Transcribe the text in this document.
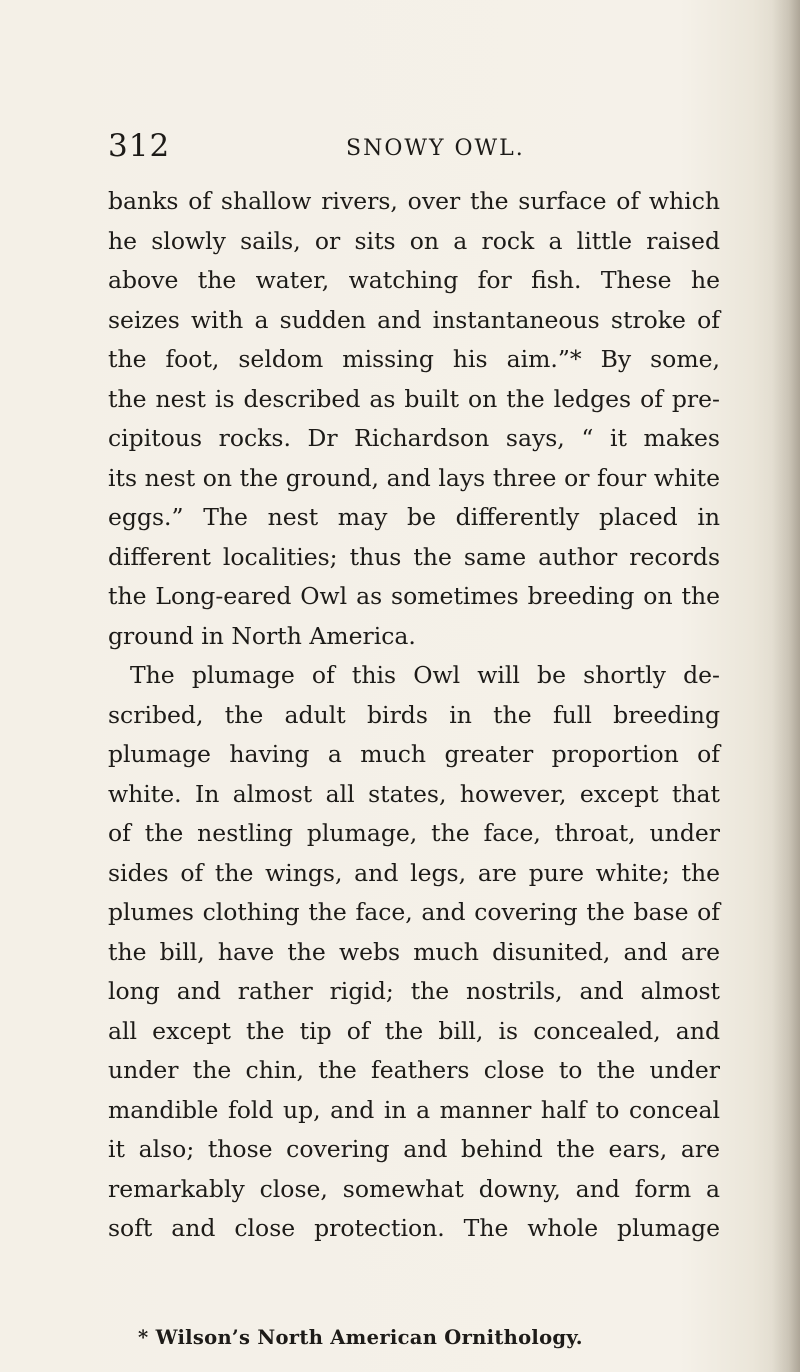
312	SNOWY OWL.
banks of shallow rivers, over the surface of which
he slowly sails, or sits on a rock a little raised
above the water, watching for fish. These he
seizes with a sudden and instantaneous stroke of
the foot, seldom missing his aim.”* By some,
the nest is described as built on the ledges of pre-
cipitous rocks. Dr Richardson says, “ it makes
its nest on the ground, and lays three or four white
eggs.” The nest may be differently placed in
different localities; thus the same author records
the Long-eared Owl as sometimes breeding on the
ground in North America.
The plumage of this Owl will be shortly de-
scribed, the adult birds in the full breeding
plumage having a much greater proportion of
white. In almost all states, however, except that
of the nestling plumage, the face, throat, under
sides of the wings, and legs, are pure white; the
plumes clothing the face, and covering the base of
the bill, have the webs much disunited, and are
long and rather rigid; the nostrils, and almost
all except the tip of the bill, is concealed, and
under the chin, the feathers close to the under
mandible fold up, and in a manner half to conceal
it also; those covering and behind the ears, are
remarkably close, somewhat downy, and form a
soft and close protection. The whole plumage
* Wilson’s North American Ornithology.
